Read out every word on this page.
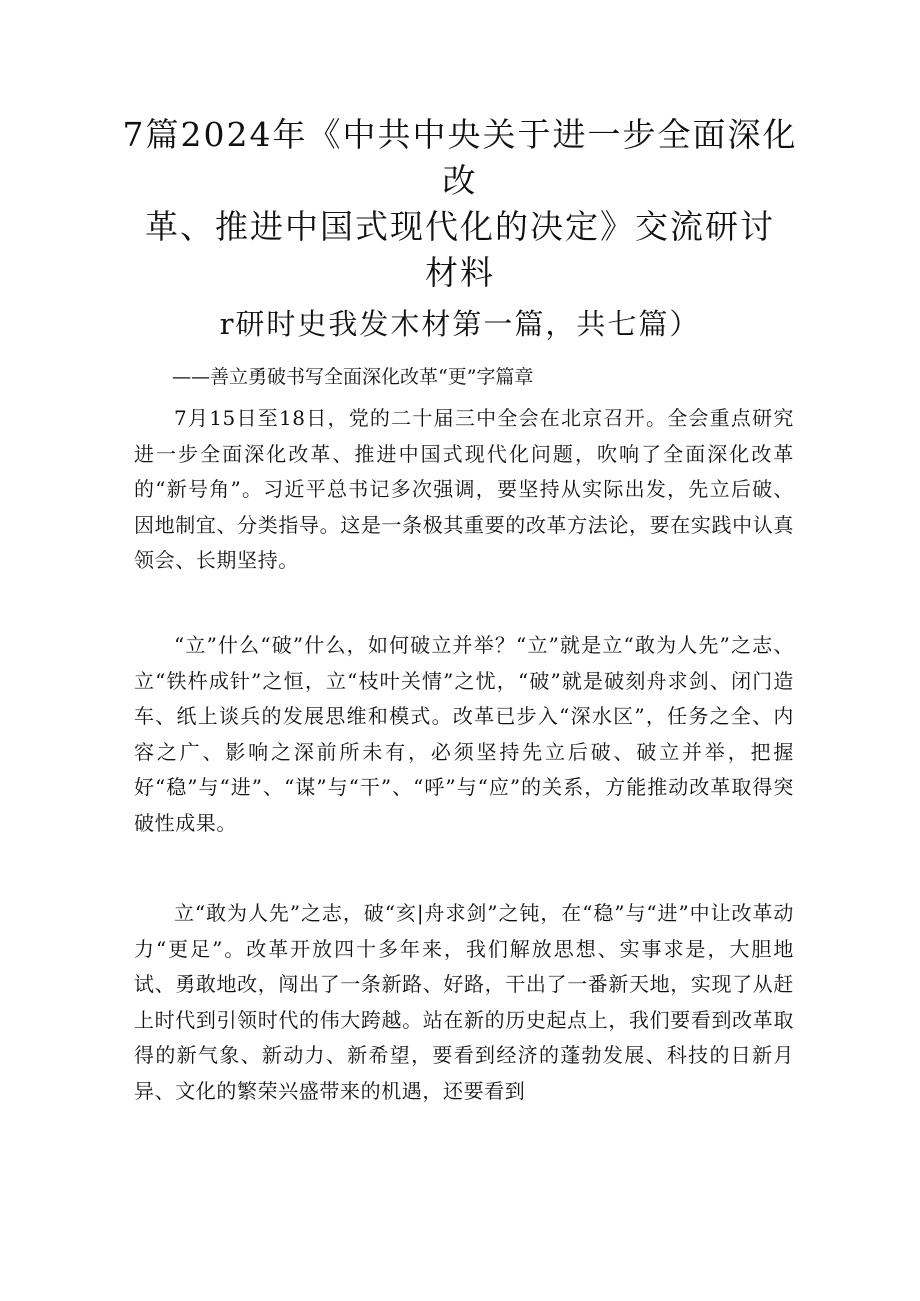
7篇2024年《中共中央关于进一步全面深化改
革、推进中国式现代化的决定》交流研讨
材料
r研时史我发木材第一篇，共七篇）
——善立勇破书写全面深化改革“更”字篇章

7月15日至18日，党的二十届三中全会在北京召开。全会重点研究进一步全面深化改革、推进中国式现代化问题，吹响了全面深化改革的“新号角”。习近平总书记多次强调，要坚持从实际出发，先立后破、因地制宜、分类指导。这是一条极其重要的改革方法论，要在实践中认真领会、长期坚持。

“立”什么“破”什么，如何破立并举？“立”就是立“敢为人先”之志、立“铁杵成针”之恒，立“枝叶关情”之忧，“破”就是破刻舟求剑、闭门造车、纸上谈兵的发展思维和模式。改革已步入“深水区”，任务之全、内容之广、影响之深前所未有，必须坚持先立后破、破立并举，把握好“稳”与“进”、“谋”与“干”、“呼”与“应”的关系，方能推动改革取得突破性成果。

立“敢为人先”之志，破“亥|舟求剑”之钝，在“稳”与“进”中让改革动力“更足”。改革开放四十多年来，我们解放思想、实事求是，大胆地试、勇敢地改，闯出了一条新路、好路，干出了一番新天地，实现了从赶上时代到引领时代的伟大跨越。站在新的历史起点上，我们要看到改革取得的新气象、新动力、新希望，要看到经济的蓬勃发展、科技的日新月异、文化的繁荣兴盛带来的机遇，还要看到
